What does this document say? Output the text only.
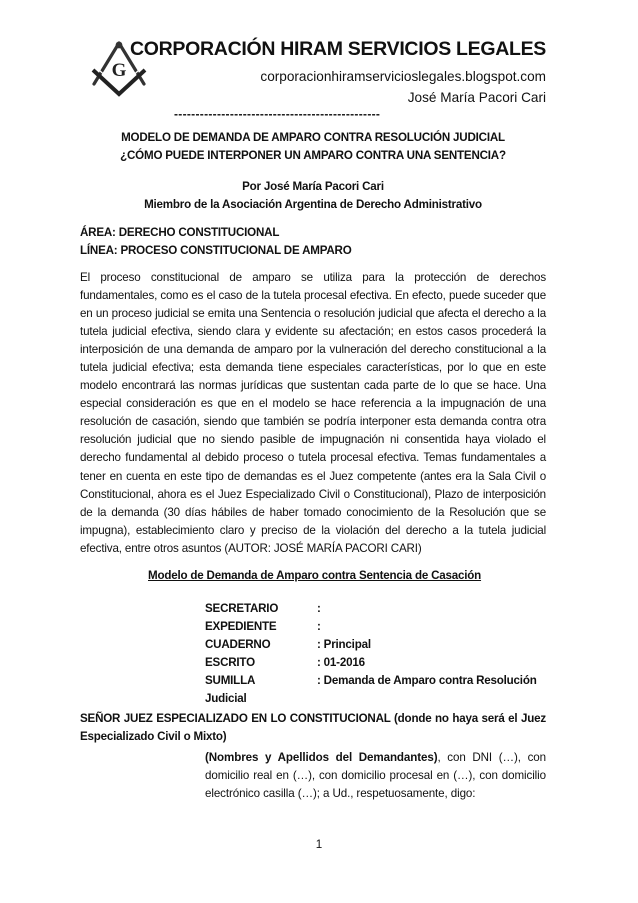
G
CORPORACIÓN HIRAM SERVICIOS LEGALES
corporacionhiramservicioslegales.blogspot.com
José María Pacori Cari
------------------------------------------------
MODELO DE DEMANDA DE AMPARO CONTRA RESOLUCIÓN JUDICIAL
¿CÓMO PUEDE INTERPONER UN AMPARO CONTRA UNA SENTENCIA?
Por José María Pacori Cari
Miembro de la Asociación Argentina de Derecho Administrativo
ÁREA: DERECHO CONSTITUCIONAL
LÍNEA: PROCESO CONSTITUCIONAL DE AMPARO
El proceso constitucional de amparo se utiliza para la protección de derechos fundamentales, como es el caso de la tutela procesal efectiva. En efecto, puede suceder que en un proceso judicial se emita una Sentencia o resolución judicial que afecta el derecho a la tutela judicial efectiva, siendo clara y evidente su afectación; en estos casos procederá la interposición de una demanda de amparo por la vulneración del derecho constitucional a la tutela judicial efectiva; esta demanda tiene especiales características, por lo que en este modelo encontrará las normas jurídicas que sustentan cada parte de lo que se hace. Una especial consideración es que en el modelo se hace referencia a la impugnación de una resolución de casación, siendo que también se podría interponer esta demanda contra otra resolución judicial que no siendo pasible de impugnación ni consentida haya violado el derecho fundamental al debido proceso o tutela procesal efectiva. Temas fundamentales a tener en cuenta en este tipo de demandas es el Juez competente (antes era la Sala Civil o Constitucional, ahora es el Juez Especializado Civil o Constitucional), Plazo de interposición de la demanda (30 días hábiles de haber tomado conocimiento de la Resolución que se impugna), establecimiento claro y preciso de la violación del derecho a la tutela judicial efectiva, entre otros asuntos (AUTOR: JOSÉ MARÍA PACORI CARI)
Modelo de Demanda de Amparo contra Sentencia de Casación
SECRETARIO	:
EXPEDIENTE	:
CUADERNO	: Principal
ESCRITO	: 01-2016
SUMILLA	: Demanda de Amparo contra Resolución
Judicial
SEÑOR JUEZ ESPECIALIZADO EN LO CONSTITUCIONAL (donde no haya será el Juez Especializado Civil o Mixto)
(Nombres y Apellidos del Demandantes), con DNI (…), con domicilio real en (…), con domicilio procesal en (…), con domicilio electrónico casilla (…); a Ud., respetuosamente, digo:
1
